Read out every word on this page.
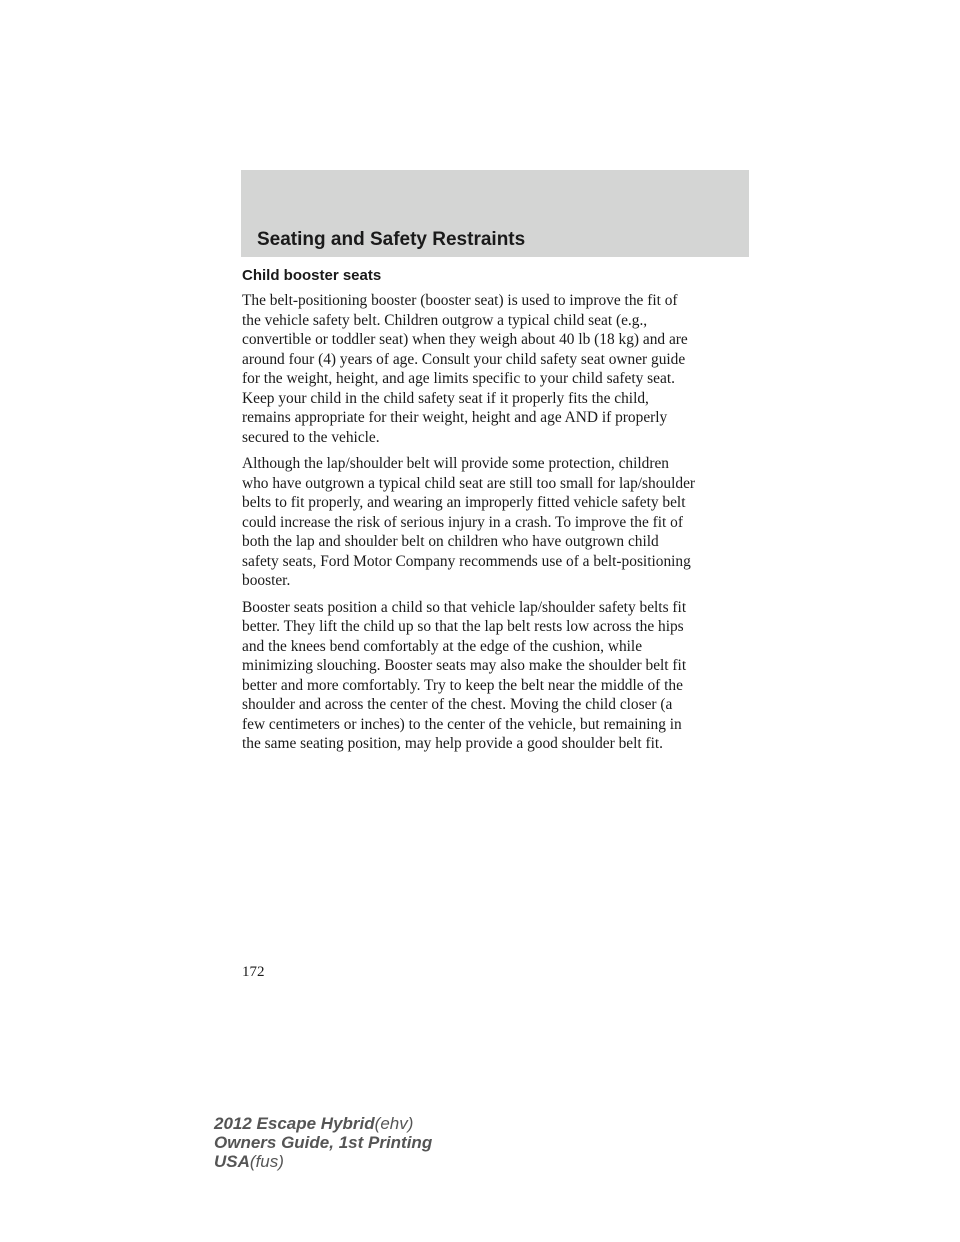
Seating and Safety Restraints
Child booster seats

The belt-positioning booster (booster seat) is used to improve the fit of
the vehicle safety belt. Children outgrow a typical child seat (e.g.,
convertible or toddler seat) when they weigh about 40 lb (18 kg) and are
around four (4) years of age. Consult your child safety seat owner guide
for the weight, height, and age limits specific to your child safety seat.
Keep your child in the child safety seat if it properly fits the child,
remains appropriate for their weight, height and age AND if properly
secured to the vehicle.

Although the lap/shoulder belt will provide some protection, children
who have outgrown a typical child seat are still too small for lap/shoulder
belts to fit properly, and wearing an improperly fitted vehicle safety belt
could increase the risk of serious injury in a crash. To improve the fit of
both the lap and shoulder belt on children who have outgrown child
safety seats, Ford Motor Company recommends use of a belt-positioning
booster.

Booster seats position a child so that vehicle lap/shoulder safety belts fit
better. They lift the child up so that the lap belt rests low across the hips
and the knees bend comfortably at the edge of the cushion, while
minimizing slouching. Booster seats may also make the shoulder belt fit
better and more comfortably. Try to keep the belt near the middle of the
shoulder and across the center of the chest. Moving the child closer (a
few centimeters or inches) to the center of the vehicle, but remaining in
the same seating position, may help provide a good shoulder belt fit.

172
2012 Escape Hybrid(ehv)
Owners Guide, 1st Printing
USA(fus)
